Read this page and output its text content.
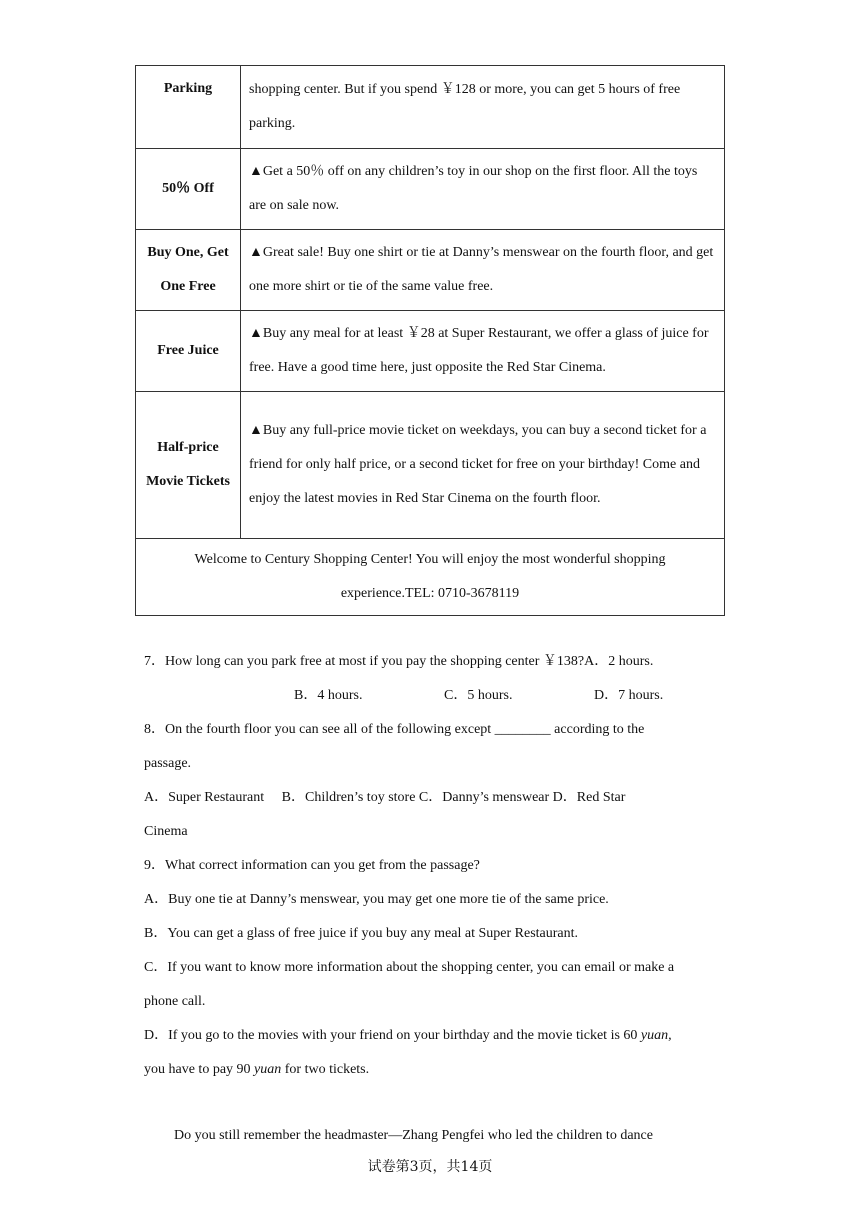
Parking	shopping center. But if you spend ￥128 or more, you can get 5 hours of free parking.
50％ Off	▲Get a 50％ off on any children’s toy in our shop on the first floor. All the toys are on sale now.
Buy One, Get One Free	▲Great sale! Buy one shirt or tie at Danny’s menswear on the fourth floor, and get one more shirt or tie of the same value free.
Free Juice	▲Buy any meal for at least ￥28 at Super Restaurant, we offer a glass of juice for free. Have a good time here, just opposite the Red Star Cinema.
Half-price Movie Tickets	▲Buy any full-price movie ticket on weekdays, you can buy a second ticket for a friend for only half price, or a second ticket for free on your birthday! Come and enjoy the latest movies in Red Star Cinema on the fourth floor.
Welcome to Century Shopping Center! You will enjoy the most wonderful shopping experience.TEL: 0710-3678119	
7．How long can you park free at most if you pay the shopping center ￥138?A．2 hours.
B．4 hours.	C．5 hours.	D．7 hours.
8．On the fourth floor you can see all of the following except ________ according to the
passage.
A．Super Restaurant　 B．Children’s toy store C．Danny’s menswear D．Red Star
Cinema
9．What correct information can you get from the passage?
A．Buy one tie at Danny’s menswear, you may get one more tie of the same price.
B．You can get a glass of free juice if you buy any meal at Super Restaurant.
C．If you want to know more information about the shopping center, you can email or make a
phone call.
D．If you go to the movies with your friend on your birthday and the movie ticket is 60 yuan,
you have to pay 90 yuan for two tickets.
Do you still remember the headmaster—Zhang Pengfei who led the children to dance
试卷第3页，共14页
